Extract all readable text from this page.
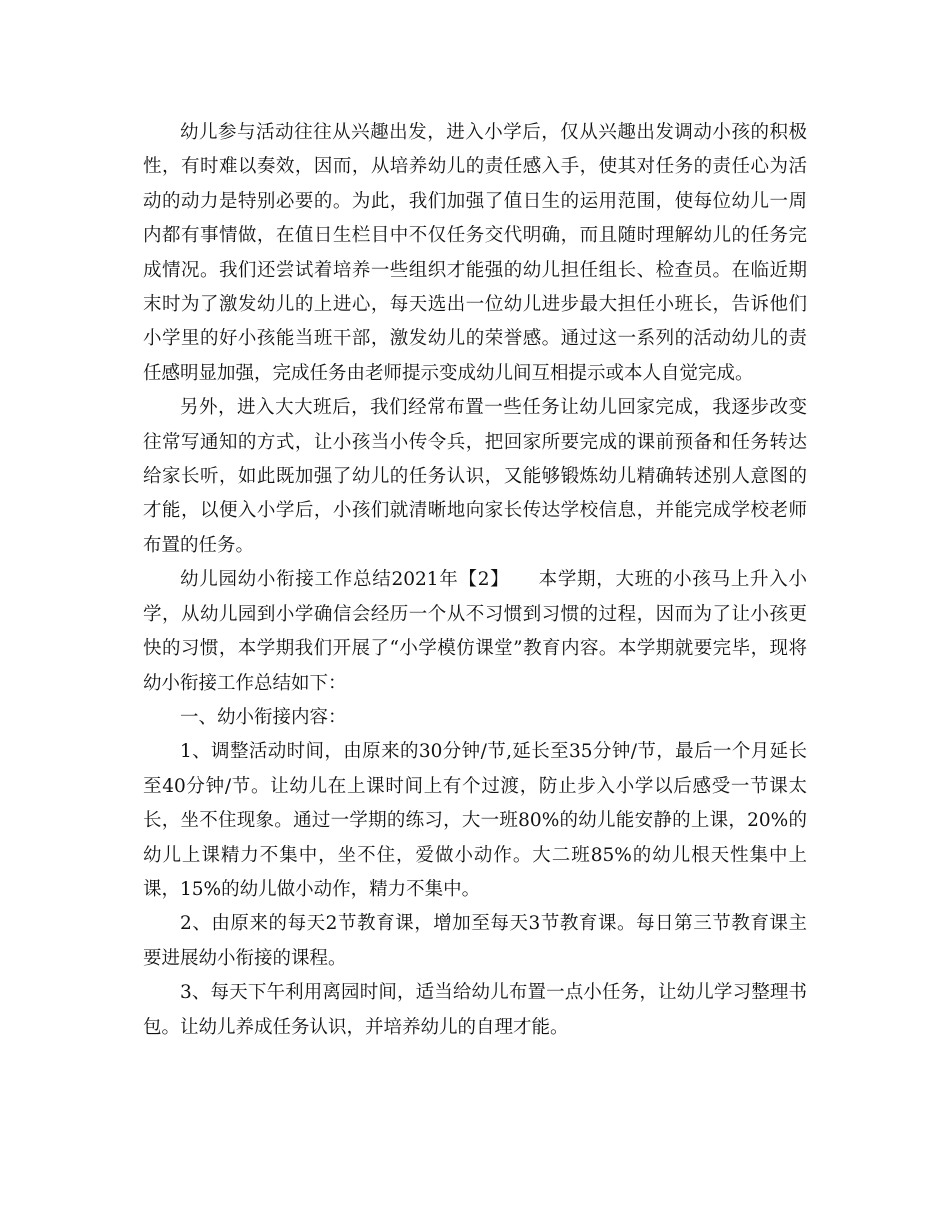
幼儿参与活动往往从兴趣出发，进入小学后，仅从兴趣出发调动小孩的积极性，有时难以奏效，因而，从培养幼儿的责任感入手，使其对任务的责任心为活动的动力是特别必要的。为此，我们加强了值日生的运用范围，使每位幼儿一周内都有事情做，在值日生栏目中不仅任务交代明确，而且随时理解幼儿的任务完成情况。我们还尝试着培养一些组织才能强的幼儿担任组长、检查员。在临近期末时为了激发幼儿的上进心，每天选出一位幼儿进步最大担任小班长，告诉他们小学里的好小孩能当班干部，激发幼儿的荣誉感。通过这一系列的活动幼儿的责任感明显加强，完成任务由老师提示变成幼儿间互相提示或本人自觉完成。

另外，进入大大班后，我们经常布置一些任务让幼儿回家完成，我逐步改变往常写通知的方式，让小孩当小传令兵，把回家所要完成的课前预备和任务转达给家长听，如此既加强了幼儿的任务认识，又能够锻炼幼儿精确转述别人意图的才能，以便入小学后，小孩们就清晰地向家长传达学校信息，并能完成学校老师布置的任务。

幼儿园幼小衔接工作总结2021年【2】　　本学期，大班的小孩马上升入小学，从幼儿园到小学确信会经历一个从不习惯到习惯的过程，因而为了让小孩更快的习惯，本学期我们开展了“小学模仿课堂”教育内容。本学期就要完毕，现将幼小衔接工作总结如下：

一、幼小衔接内容：

1、调整活动时间，由原来的30分钟/节,延长至35分钟/节，最后一个月延长至40分钟/节。让幼儿在上课时间上有个过渡，防止步入小学以后感受一节课太长，坐不住现象。通过一学期的练习，大一班80%的幼儿能安静的上课，20%的幼儿上课精力不集中，坐不住，爱做小动作。大二班85%的幼儿根天性集中上课，15%的幼儿做小动作，精力不集中。

2、由原来的每天2节教育课，增加至每天3节教育课。每日第三节教育课主要进展幼小衔接的课程。

3、每天下午利用离园时间，适当给幼儿布置一点小任务，让幼儿学习整理书包。让幼儿养成任务认识，并培养幼儿的自理才能。
